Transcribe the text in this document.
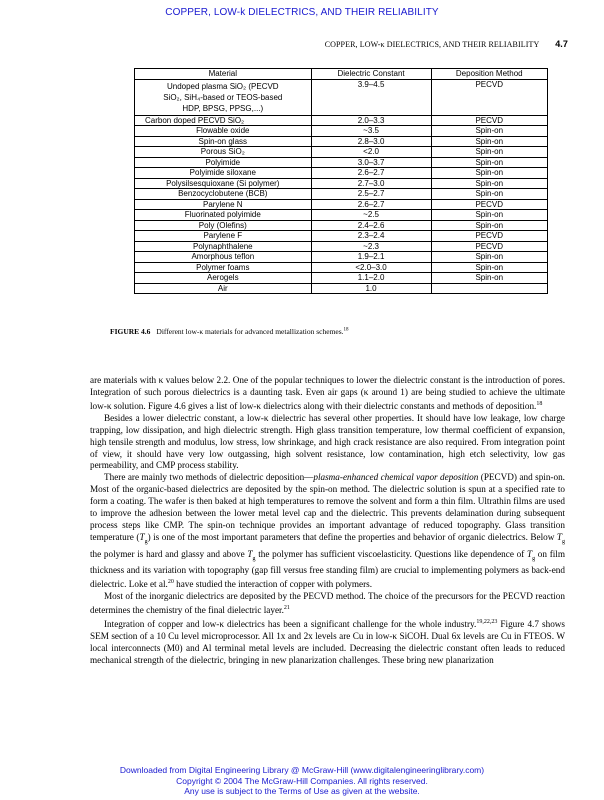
COPPER, LOW-k DIELECTRICS, AND THEIR RELIABILITY
COPPER, LOW-κ DIELECTRICS, AND THEIR RELIABILITY 4.7
Material	Dielectric Constant	Deposition Method

Undoped plasma SiO₂ (PECVD
SiO₂, SiH₄-based or TEOS-based
HDP, BPSG, PPSG,...)	3.9–4.5	PECVD
Carbon doped PECVD SiO₂	2.0–3.3	PECVD
Flowable oxide	~3.5	Spin-on
Spin-on glass	2.8–3.0	Spin-on
Porous SiO₂	<2.0	Spin-on
Polyimide	3.0–3.7	Spin-on
Polyimide siloxane	2.6–2.7	Spin-on
Polysilsesquioxane (Si polymer)	2.7–3.0	Spin-on
Benzocyclobutene (BCB)	2.5–2.7	Spin-on
Parylene N	2.6–2.7	PECVD
Fluorinated polyimide	~2.5	Spin-on
Poly (Olefins)	2.4–2.6	Spin-on
Parylene F	2.3–2.4	PECVD
Polynaphthalene	~2.3	PECVD
Amorphous teflon	1.9–2.1	Spin-on
Polymer foams	<2.0–3.0	Spin-on
Aerogels	1.1–2.0	Spin-on
Air	1.0	
FIGURE 4.6 Different low-κ materials for advanced metallization schemes.$^{18}$

are materials with κ values below 2.2. One of the popular techniques to lower the dielectric constant is the introduction of pores. Integration of such porous dielectrics is a daunting task. Even air gaps (κ around 1) are being studied to achieve the ultimate low-κ solution. Figure 4.6 gives a list of low-κ dielectrics along with their dielectric constants and methods of deposition.$^{18}$

Besides a lower dielectric constant, a low-κ dielectric has several other properties. It should have low leakage, low charge trapping, low dissipation, and high dielectric strength. High glass transition temperature, low thermal coefficient of expansion, high tensile strength and modulus, low stress, low shrinkage, and high crack resistance are also required. From integration point of view, it should have very low outgassing, high solvent resistance, low contamination, high etch selectivity, low gas permeability, and CMP process stability.

There are mainly two methods of dielectric deposition—plasma-enhanced chemical vapor deposition (PECVD) and spin-on. Most of the organic-based dielectrics are deposited by the spin-on method. The dielectric solution is spun at a specified rate to form a coating. The wafer is then baked at high temperatures to remove the solvent and form a thin film. Ultrathin films are used to improve the adhesion between the lower metal level cap and the dielectric. This prevents delamination during subsequent process steps like CMP. The spin-on technique provides an important advantage of reduced topography. Glass transition temperature $(T_g)$ is one of the most important parameters that define the properties and behavior of organic dielectrics. Below $T_g$ the polymer is hard and glassy and above $T_g$ the polymer has sufficient viscoelasticity. Questions like dependence of $T_g$ on film thickness and its variation with topography (gap fill versus free standing film) are crucial to implementing polymers as back-end dielectric. Loke et al.$^{20}$ have studied the interaction of copper with polymers.

Most of the inorganic dielectrics are deposited by the PECVD method. The choice of the precursors for the PECVD reaction determines the chemistry of the final dielectric layer.$^{21}$

Integration of copper and low-κ dielectrics has been a significant challenge for the whole industry.$^{19,22,23}$ Figure 4.7 shows SEM section of a 10 Cu level microprocessor. All 1x and 2x levels are Cu in low-κ SiCOH. Dual 6x levels are Cu in FTEOS. W local interconnects (M0) and Al terminal metal levels are included. Decreasing the dielectric constant often leads to reduced mechanical strength of the dielectric, bringing in new planarization challenges. These bring new planarization

Downloaded from Digital Engineering Library @ McGraw-Hill (www.digitalengineeringlibrary.com)
Copyright © 2004 The McGraw-Hill Companies. All rights reserved.
Any use is subject to the Terms of Use as given at the website.
